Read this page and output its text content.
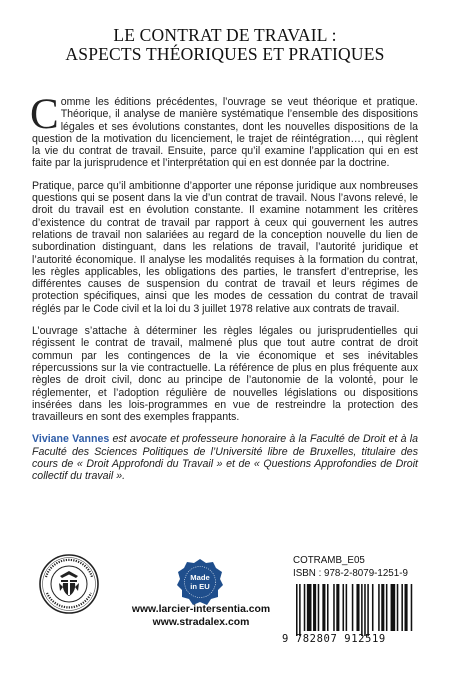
LE CONTRAT DE TRAVAIL :
ASPECTS THÉORIQUES ET PRATIQUES

Comme les éditions précédentes, l’ouvrage se veut théorique et pratique. Théorique, il analyse de manière systématique l’ensemble des dispositions légales et ses évolutions constantes, dont les nouvelles dispositions de la question de la motivation du licenciement, le trajet de réintégration…, qui règlent la vie du contrat de travail. Ensuite, parce qu’il examine l’application qui en est faite par la jurisprudence et l’interprétation qui en est donnée par la doctrine.

Pratique, parce qu’il ambitionne d’apporter une réponse juridique aux nombreuses questions qui se posent dans la vie d’un contrat de travail. Nous l’avons relevé, le droit du travail est en évolution constante. Il examine notamment les critères d’existence du contrat de travail par rapport à ceux qui gouvernent les autres relations de travail non salariées au regard de la conception nouvelle du lien de subordination distinguant, dans les relations de travail, l’autorité juridique et l’autorité économique. Il analyse les modalités requises à la formation du contrat, les règles applicables, les obligations des parties, le transfert d’entreprise, les différentes causes de suspension du contrat de travail et leurs régimes de protection spécifiques, ainsi que les modes de cessation du contrat de travail réglés par le Code civil et la loi du 3 juillet 1978 relative aux contrats de travail.

L’ouvrage s’attache à déterminer les règles légales ou jurisprudentielles qui régissent le contrat de travail, malmené plus que tout autre contrat de droit commun par les contingences de la vie économique et ses inévitables répercussions sur la vie contractuelle. La référence de plus en plus fréquente aux règles de droit civil, donc au principe de l’autonomie de la volonté, pour le réglementer, et l’adoption régulière de nouvelles législations ou dispositions insérées dans les lois-programmes en vue de restreindre la protection des travailleurs en sont des exemples frappants.

Viviane Vannes est avocate et professeure honoraire à la Faculté de Droit et à la Faculté des Sciences Politiques de l’Université libre de Bruxelles, titulaire des cours de « Droit Approfondi du Travail » et de « Questions Approfondies de Droit collectif du travail ».

Made
in EU
www.larcier-intersentia.com
www.stradalex.com
COTRAMB_E05
ISBN : 978-2-8079-1251-9
9 782807 912519
